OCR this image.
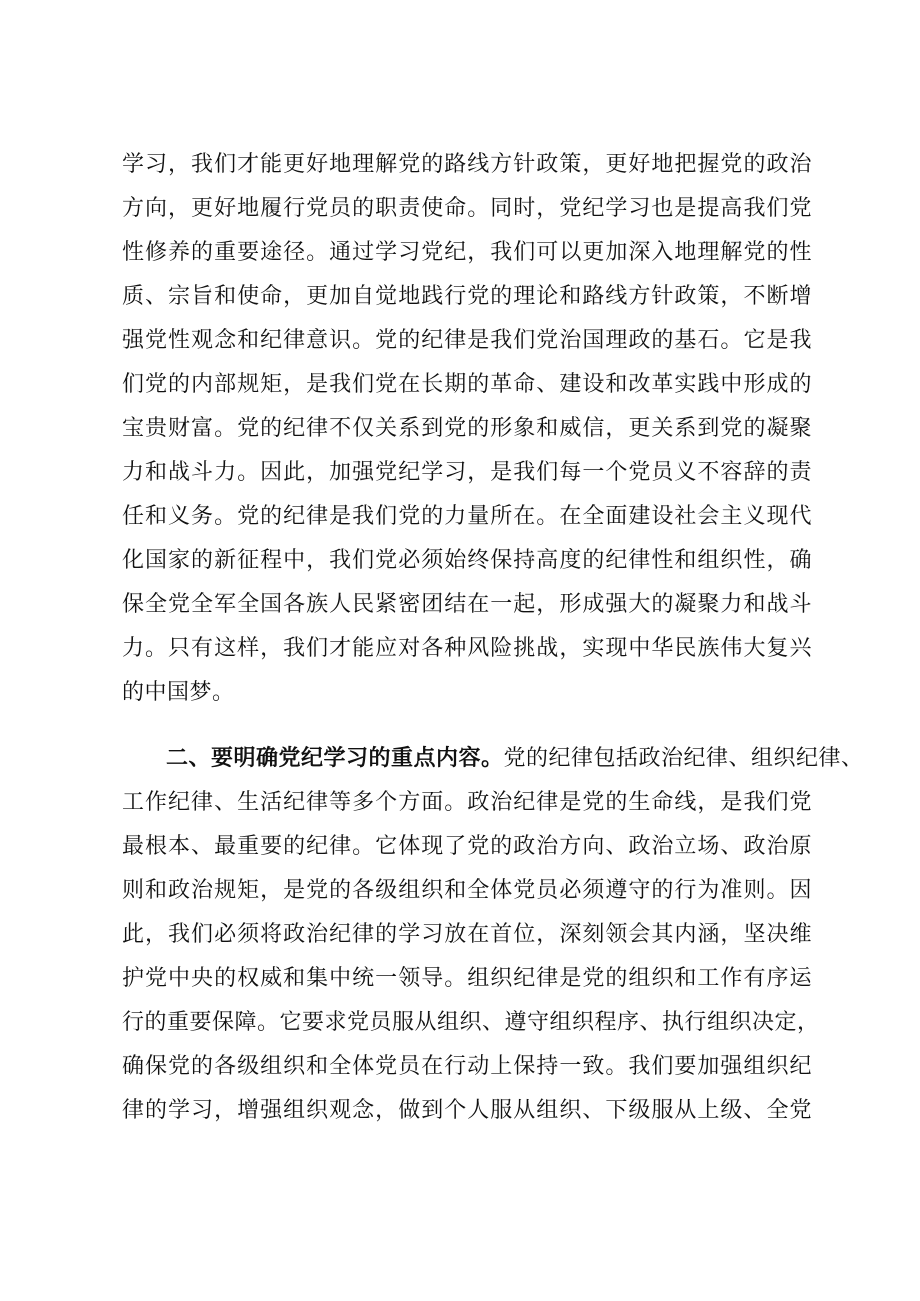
学习，我们才能更好地理解党的路线方针政策，更好地把握党的政治
方向，更好地履行党员的职责使命。同时，党纪学习也是提高我们党
性修养的重要途径。通过学习党纪，我们可以更加深入地理解党的性
质、宗旨和使命，更加自觉地践行党的理论和路线方针政策，不断增
强党性观念和纪律意识。党的纪律是我们党治国理政的基石。它是我
们党的内部规矩，是我们党在长期的革命、建设和改革实践中形成的
宝贵财富。党的纪律不仅关系到党的形象和威信，更关系到党的凝聚
力和战斗力。因此，加强党纪学习，是我们每一个党员义不容辞的责
任和义务。党的纪律是我们党的力量所在。在全面建设社会主义现代
化国家的新征程中，我们党必须始终保持高度的纪律性和组织性，确
保全党全军全国各族人民紧密团结在一起，形成强大的凝聚力和战斗
力。只有这样，我们才能应对各种风险挑战，实现中华民族伟大复兴
的中国梦。
二、要明确党纪学习的重点内容。党的纪律包括政治纪律、组织纪律、
工作纪律、生活纪律等多个方面。政治纪律是党的生命线，是我们党
最根本、最重要的纪律。它体现了党的政治方向、政治立场、政治原
则和政治规矩，是党的各级组织和全体党员必须遵守的行为准则。因
此，我们必须将政治纪律的学习放在首位，深刻领会其内涵，坚决维
护党中央的权威和集中统一领导。组织纪律是党的组织和工作有序运
行的重要保障。它要求党员服从组织、遵守组织程序、执行组织决定，
确保党的各级组织和全体党员在行动上保持一致。我们要加强组织纪
律的学习，增强组织观念，做到个人服从组织、下级服从上级、全党
